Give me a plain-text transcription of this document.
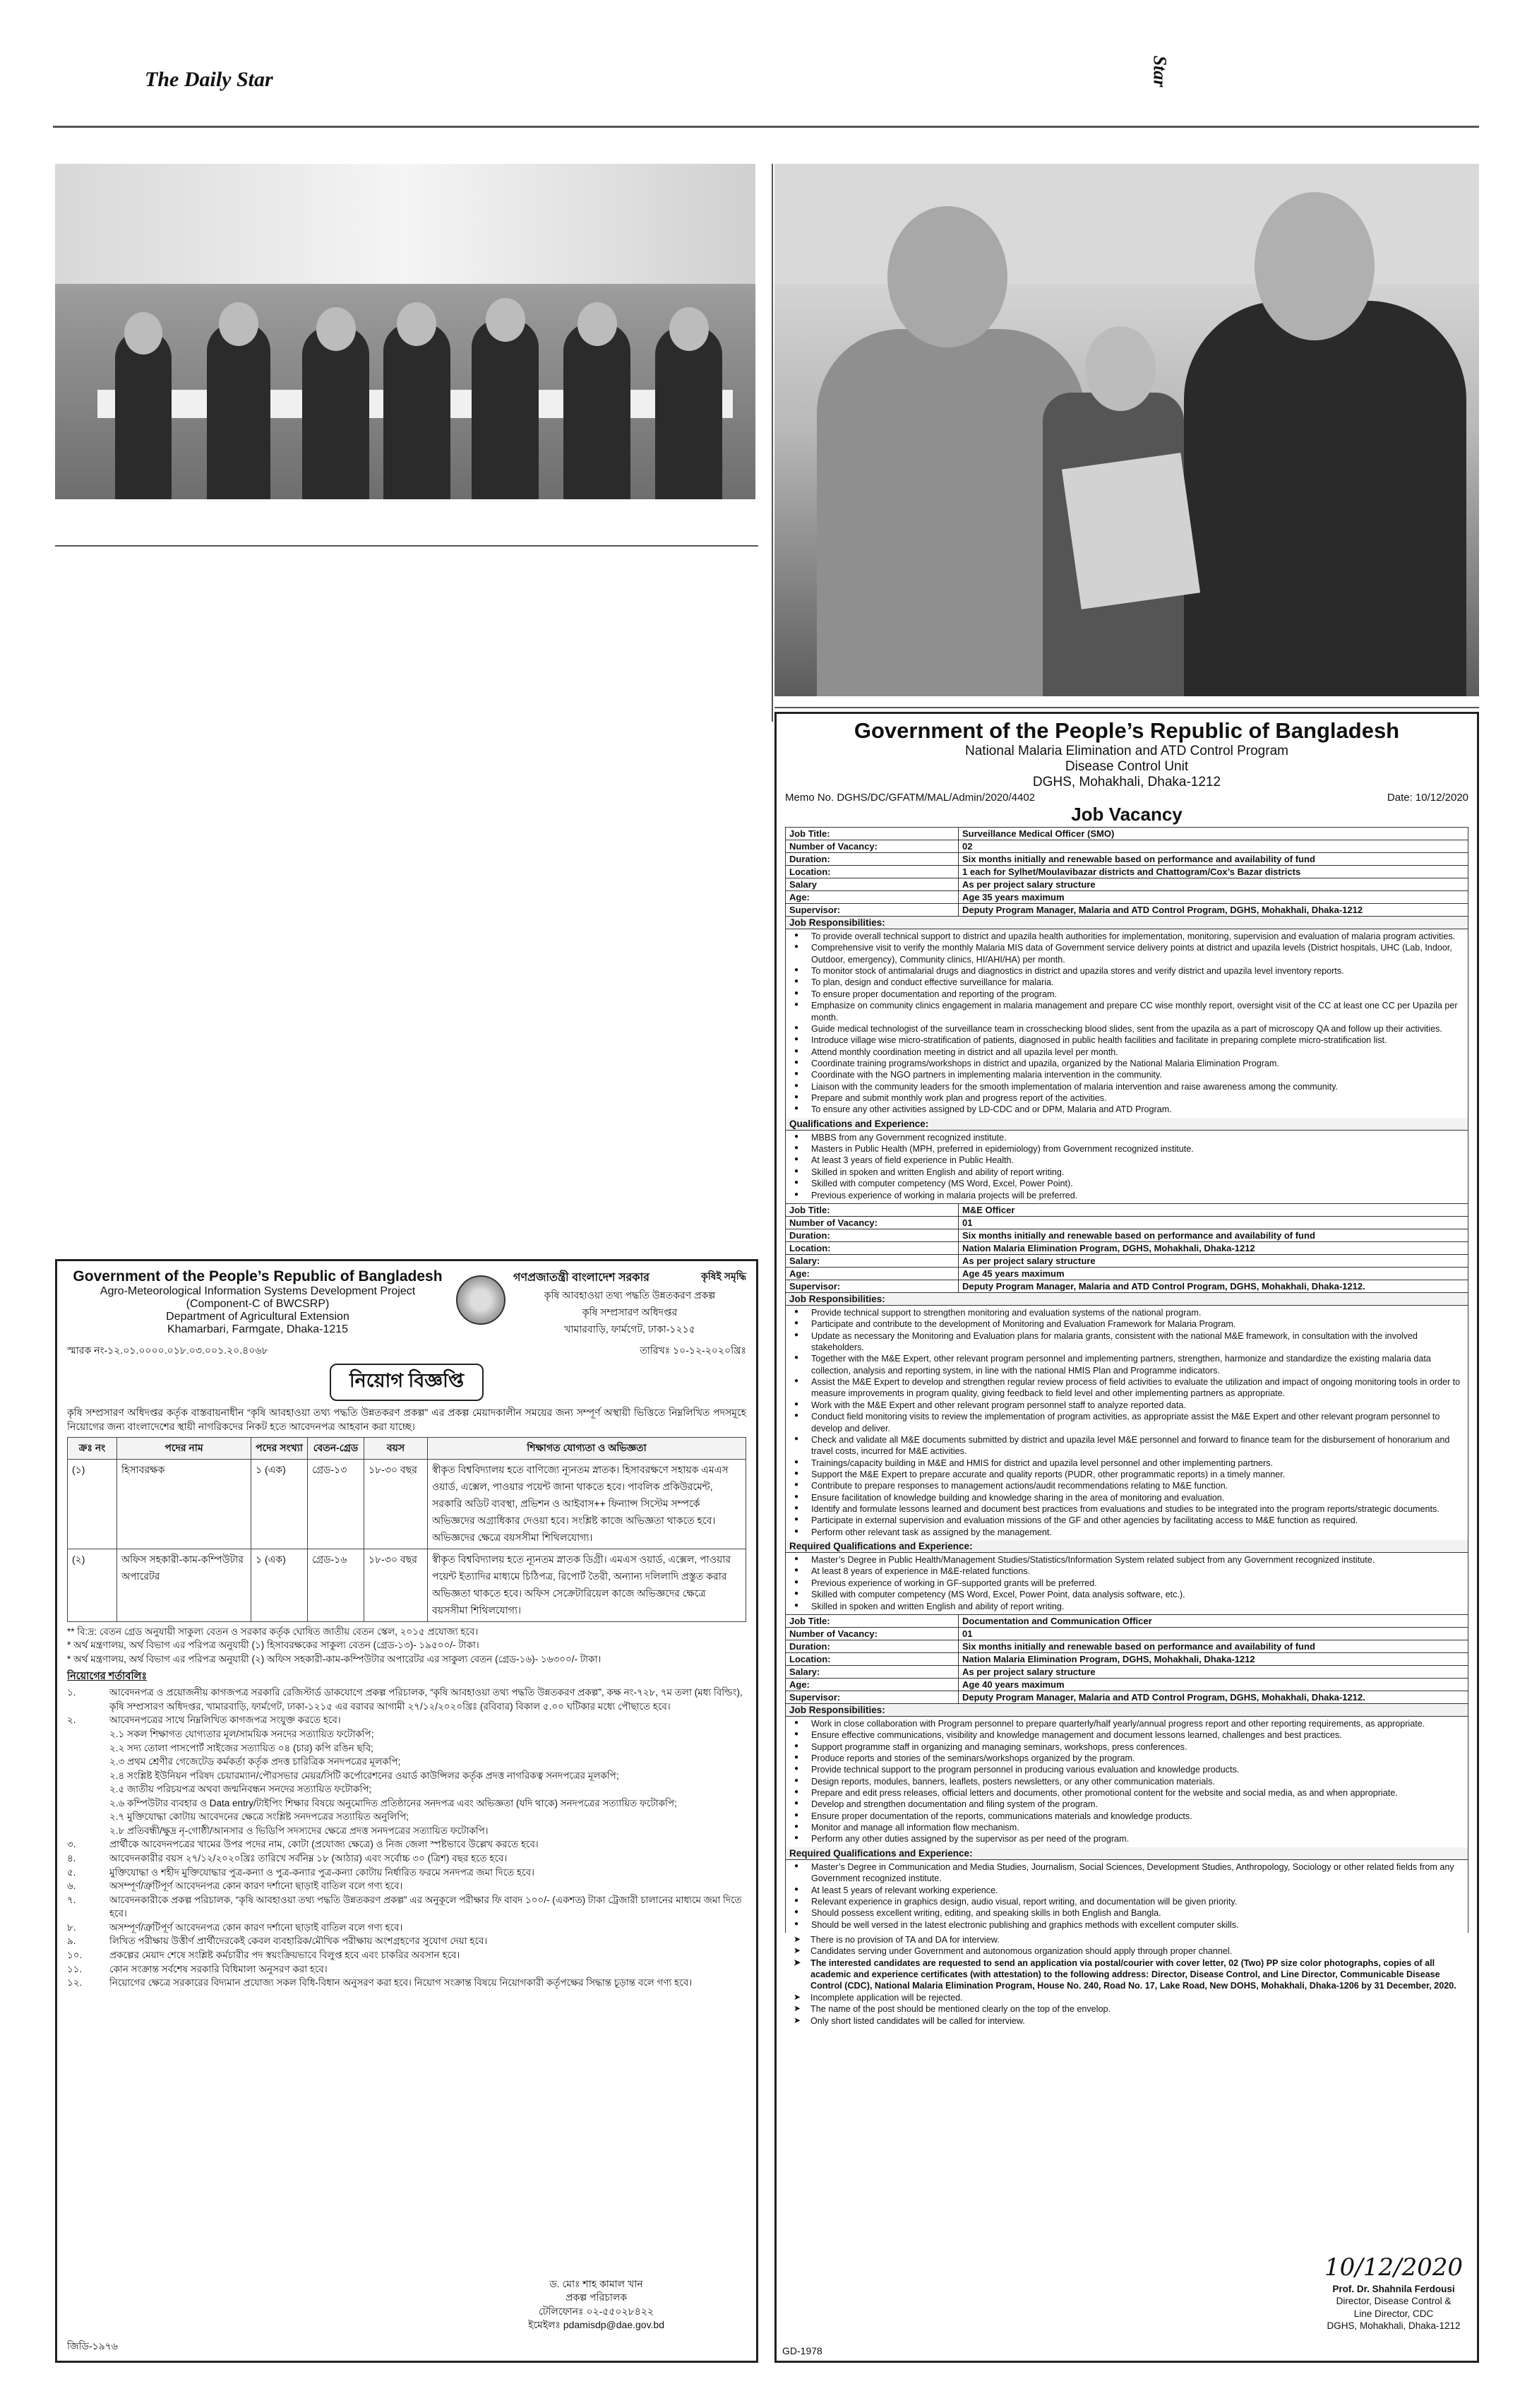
The Daily Star	Star
Government of the People’s Republic of Bangladesh
National Malaria Elimination and ATD Control Program
Disease Control Unit
DGHS, Mohakhali, Dhaka-1212
Memo No. DGHS/DC/GFATM/MAL/Admin/2020/4402	Date: 10/12/2020
Job Vacancy
Job Title:	Surveillance Medical Officer (SMO)
Number of Vacancy:	02
Duration:	Six months initially and renewable based on performance and availability of fund
Location:	1 each for Sylhet/Moulavibazar districts and Chattogram/Cox’s Bazar districts
Salary	As per project salary structure
Age:	Age 35 years maximum
Supervisor:	Deputy Program Manager, Malaria and ATD Control Program, DGHS, Mohakhali, Dhaka-1212
Job Responsibilities:
● To provide overall technical support to district and upazila health authorities for implementation, monitoring, supervision and evaluation of malaria program activities.
● Comprehensive visit to verify the monthly Malaria MIS data of Government service delivery points at district and upazila levels (District hospitals, UHC (Lab, Indoor, Outdoor, emergency), Community clinics, HI/AHI/HA) per month.
● To monitor stock of antimalarial drugs and diagnostics in district and upazila stores and verify district and upazila level inventory reports.
● To plan, design and conduct effective surveillance for malaria.
● To ensure proper documentation and reporting of the program.
● Emphasize on community clinics engagement in malaria management and prepare CC wise monthly report, oversight visit of the CC at least one CC per Upazila per month.
● Guide medical technologist of the surveillance team in crosschecking blood slides, sent from the upazila as a part of microscopy QA and follow up their activities.
● Introduce village wise micro-stratification of patients, diagnosed in public health facilities and facilitate in preparing complete micro-stratification list.
● Attend monthly coordination meeting in district and all upazila level per month.
● Coordinate training programs/workshops in district and upazila, organized by the National Malaria Elimination Program.
● Coordinate with the NGO partners in implementing malaria intervention in the community.
● Liaison with the community leaders for the smooth implementation of malaria intervention and raise awareness among the community.
● Prepare and submit monthly work plan and progress report of the activities.
● To ensure any other activities assigned by LD-CDC and or DPM, Malaria and ATD Program.
Qualifications and Experience:
● MBBS from any Government recognized institute.
● Masters in Public Health (MPH, preferred in epidemiology) from Government recognized institute.
● At least 3 years of field experience in Public Health.
● Skilled in spoken and written English and ability of report writing.
● Skilled with computer competency (MS Word, Excel, Power Point).
● Previous experience of working in malaria projects will be preferred.
Job Title:	M&E Officer
Number of Vacancy:	01
Duration:	Six months initially and renewable based on performance and availability of fund
Location:	Nation Malaria Elimination Program, DGHS, Mohakhali, Dhaka-1212
Salary:	As per project salary structure
Age:	Age 45 years maximum
Supervisor:	Deputy Program Manager, Malaria and ATD Control Program, DGHS, Mohakhali, Dhaka-1212.
Job Responsibilities:
● Provide technical support to strengthen monitoring and evaluation systems of the national program.
● Participate and contribute to the development of Monitoring and Evaluation Framework for Malaria Program.
● Update as necessary the Monitoring and Evaluation plans for malaria grants, consistent with the national M&E framework, in consultation with the involved stakeholders.
● Together with the M&E Expert, other relevant program personnel and implementing partners, strengthen, harmonize and standardize the existing malaria data collection, analysis and reporting system, in line with the national HMIS Plan and Programme indicators.
● Assist the M&E Expert to develop and strengthen regular review process of field activities to evaluate the utilization and impact of ongoing monitoring tools in order to measure improvements in program quality, giving feedback to field level and other implementing partners as appropriate.
● Work with the M&E Expert and other relevant program personnel staff to analyze reported data.
● Conduct field monitoring visits to review the implementation of program activities, as appropriate assist the M&E Expert and other relevant program personnel to develop and deliver.
● Check and validate all M&E documents submitted by district and upazila level M&E personnel and forward to finance team for the disbursement of honorarium and travel costs, incurred for M&E activities.
● Trainings/capacity building in M&E and HMIS for district and upazila level personnel and other implementing partners.
● Support the M&E Expert to prepare accurate and quality reports (PUDR, other programmatic reports) in a timely manner.
● Contribute to prepare responses to management actions/audit recommendations relating to M&E function.
● Ensure facilitation of knowledge building and knowledge sharing in the area of monitoring and evaluation.
● Identify and formulate lessons learned and document best practices from evaluations and studies to be integrated into the program reports/strategic documents.
● Participate in external supervision and evaluation missions of the GF and other agencies by facilitating access to M&E function as required.
● Perform other relevant task as assigned by the management.
Required Qualifications and Experience:
● Master’s Degree in Public Health/Management Studies/Statistics/Information System related subject from any Government recognized institute.
● At least 8 years of experience in M&E-related functions.
● Previous experience of working in GF-supported grants will be preferred.
● Skilled with computer competency (MS Word, Excel, Power Point, data analysis software, etc.).
● Skilled in spoken and written English and ability of report writing.
Job Title:	Documentation and Communication Officer
Number of Vacancy:	01
Duration:	Six months initially and renewable based on performance and availability of fund
Location:	Nation Malaria Elimination Program, DGHS, Mohakhali, Dhaka-1212
Salary:	As per project salary structure
Age:	Age 40 years maximum
Supervisor:	Deputy Program Manager, Malaria and ATD Control Program, DGHS, Mohakhali, Dhaka-1212.
Job Responsibilities:
● Work in close collaboration with Program personnel to prepare quarterly/half yearly/annual progress report and other reporting requirements, as appropriate.
● Ensure effective communications, visibility and knowledge management and document lessons learned, challenges and best practices.
● Support programme staff in organizing and managing seminars, workshops, press conferences.
● Produce reports and stories of the seminars/workshops organized by the program.
● Provide technical support to the program personnel in producing various evaluation and knowledge products.
● Design reports, modules, banners, leaflets, posters newsletters, or any other communication materials.
● Prepare and edit press releases, official letters and documents, other promotional content for the website and social media, as and when appropriate.
● Develop and strengthen documentation and filing system of the program.
● Ensure proper documentation of the reports, communications materials and knowledge products.
● Monitor and manage all information flow mechanism.
● Perform any other duties assigned by the supervisor as per need of the program.
Required Qualifications and Experience:
● Master’s Degree in Communication and Media Studies, Journalism, Social Sciences, Development Studies, Anthropology, Sociology or other related fields from any Government recognized institute.
● At least 5 years of relevant working experience.
● Relevant experience in graphics design, audio visual, report writing, and documentation will be given priority.
● Should possess excellent writing, editing, and speaking skills in both English and Bangla.
● Should be well versed in the latest electronic publishing and graphics methods with excellent computer skills.
➤ There is no provision of TA and DA for interview.
➤ Candidates serving under Government and autonomous organization should apply through proper channel.
➤ The interested candidates are requested to send an application via postal/courier with cover letter, 02 (Two) PP size color photographs, copies of all academic and experience certificates (with attestation) to the following address: Director, Disease Control, and Line Director, Communicable Disease Control (CDC), National Malaria Elimination Program, House No. 240, Road No. 17, Lake Road, New DOHS, Mohakhali, Dhaka-1206 by 31 December, 2020.
➤ Incomplete application will be rejected.
➤ The name of the post should be mentioned clearly on the top of the envelop.
➤ Only short listed candidates will be called for interview.
10/12/2020
Prof. Dr. Shahnila Ferdousi
Director, Disease Control &
Line Director, CDC
DGHS, Mohakhali, Dhaka-1212
GD-1978
Government of the People’s Republic of Bangladesh
Agro-Meteorological Information Systems Development Project
(Component-C of BWCSRP)
Department of Agricultural Extension
Khamarbari, Farmgate, Dhaka-1215
গণপ্রজাতন্ত্রী বাংলাদেশ সরকার	কৃষিই সমৃদ্ধি
কৃষি আবহাওয়া তথ্য পদ্ধতি উন্নতকরণ প্রকল্প
কৃষি সম্প্রসারণ অধিদপ্তর
খামারবাড়ি, ফার্মগেট, ঢাকা-১২১৫
স্মারক নং-১২.০১.০০০০.০১৮.০৩.০০১.২০.৪০৬৮	তারিখঃ ১০-১২-২০২০খ্রিঃ
নিয়োগ বিজ্ঞপ্তি
কৃষি সম্প্রসারণ অধিদপ্তর কর্তৃক বাস্তবায়নাধীন “কৃষি আবহাওয়া তথ্য পদ্ধতি উন্নতকরণ প্রকল্প” এর প্রকল্প মেয়াদকালীন সময়ের জন্য সম্পূর্ণ অস্থায়ী ভিত্তিতে নিম্নলিখিত পদসমূহে নিয়োগের জন্য বাংলাদেশের স্থায়ী নাগরিকদের নিকট হতে আবেদনপত্র আহবান করা যাচ্ছে।
ক্রঃ নং	পদের নাম	পদের সংখ্যা	বেতন-গ্রেড	বয়স	শিক্ষাগত যোগ্যতা ও অভিজ্ঞতা
(১)	হিসাবরক্ষক	১ (এক)	গ্রেড-১৩	১৮-৩০ বছর	স্বীকৃত বিশ্ববিদ্যালয় হতে বাণিজ্যে ন্যূনতম স্নাতক। হিসাবরক্ষণে সহায়ক এমএস ওয়ার্ড, এক্সেল, পাওয়ার পয়েন্ট জানা থাকতে হবে। পাবলিক প্রকিউরমেন্ট, সরকারি অডিট ব্যবস্থা, প্রভিশন ও আইবাস++ ফিন্যান্স সিস্টেম সম্পর্কে অভিজ্ঞদের অগ্রাধিকার দেওয়া হবে। সংশ্লিষ্ট কাজে অভিজ্ঞতা থাকতে হবে। অভিজ্ঞদের ক্ষেত্রে বয়সসীমা শিথিলযোগ্য।
(২)	অফিস সহকারী-কাম-কম্পিউটার অপারেটর	১ (এক)	গ্রেড-১৬	১৮-৩০ বছর	স্বীকৃত বিশ্ববিদ্যালয় হতে ন্যূনতম স্নাতক ডিগ্রী। এমএস ওয়ার্ড, এক্সেল, পাওয়ার পয়েন্ট ইত্যাদির মাধ্যমে চিঠিপত্র, রিপোর্ট তৈরী, অন্যান্য দলিলাদি প্রস্তুত করার অভিজ্ঞতা থাকতে হবে। অফিস সেক্রেটারিয়েল কাজে অভিজ্ঞদের ক্ষেত্রে বয়সসীমা শিথিলযোগ্য।
** বি:দ্র: বেতন গ্রেড অনুযায়ী সাকুল্য বেতন ও সরকার কর্তৃক ঘোষিত জাতীয় বেতন স্কেল, ২০১৫ প্রযোজ্য হবে।
* অর্থ মন্ত্রণালয়, অর্থ বিভাগ এর পরিপত্র অনুযায়ী (১) হিসাবরক্ষকের সাকুল্য বেতন (গ্রেড-১৩)- ১৯৫০০/- টাকা।
* অর্থ মন্ত্রণালয়, অর্থ বিভাগ এর পরিপত্র অনুযায়ী (২) অফিস সহকারী-কাম-কম্পিউটার অপারেটর এর সাকুল্য বেতন (গ্রেড-১৬)- ১৬৩০০/- টাকা।
নিয়োগের শর্তাবলিঃ
১.	আবেদনপত্র ও প্রয়োজনীয় কাগজপত্র সরকারি রেজিস্টার্ড ডাকযোগে প্রকল্প পরিচালক, “কৃষি আবহাওয়া তথ্য পদ্ধতি উন্নতকরণ প্রকল্প”, কক্ষ নং-৭২৮, ৭ম তলা (মধ্য বিল্ডিং), কৃষি সম্প্রসারণ অধিদপ্তর, খামারবাড়ি, ফার্মগেট, ঢাকা-১২১৫ এর বরাবর আগামী ২৭/১২/২০২০খ্রিঃ (রবিবার) বিকাল ৫.০০ ঘটিকার মধ্যে পৌছাতে হবে।
২.	আবেদনপত্রের সাথে নিম্নলিখিত কাগজপত্র সংযুক্ত করতে হবে।
২.১ সকল শিক্ষাগত যোগ্যতার মূল/সাময়িক সনদের সত্যায়িত ফটোকপি;
২.২ সদ্য তোলা পাসপোর্ট সাইজের সত্যায়িত ০৪ (চার) কপি রঙিন ছবি;
২.৩ প্রথম শ্রেণীর গেজেটেড কর্মকর্তা কর্তৃক প্রদত্ত চারিত্রিক সনদপত্রের মূলকপি;
২.৪ সংশ্লিষ্ট ইউনিয়ন পরিষদ চেয়ারম্যান/পৌরসভার মেয়র/সিটি কর্পোরেশনের ওয়ার্ড কাউন্সিলর কর্তৃক প্রদত্ত নাগরিকত্ব সনদপত্রের মূলকপি;
২.৫ জাতীয় পরিচয়পত্র অথবা জন্মনিবন্ধন সনদের সত্যায়িত ফটোকপি;
২.৬ কম্পিউটার ব্যবহার ও Data entry/টাইপিং শিক্ষার বিষয়ে অনুমোদিত প্রতিষ্ঠানের সনদপত্র এবং অভিজ্ঞতা (যদি থাকে) সনদপত্রের সত্যায়িত ফটোকপি;
২.৭ মুক্তিযোদ্ধা কোটায় আবেদনের ক্ষেত্রে সংশ্লিষ্ট সনদপত্রের সত্যায়িত অনুলিপি;
২.৮ প্রতিবন্ধী/ক্ষুদ্র নৃ-গোষ্ঠী/আনসার ও ভিডিপি সদস্যদের ক্ষেত্রে প্রদত্ত সনদপত্রের সত্যায়িত ফটোকপি।
৩.	প্রার্থীকে আবেদনপত্রের খামের উপর পদের নাম, কোটা (প্রযোজ্য ক্ষেত্রে) ও নিজ জেলা স্পষ্টভাবে উল্লেখ করতে হবে।
৪.	আবেদনকারীর বয়স ২৭/১২/২০২০খ্রিঃ তারিখে সর্বনিম্ন ১৮ (আঠার) এবং সর্বোচ্চ ৩০ (ত্রিশ) বছর হতে হবে।
৫.	মুক্তিযোদ্ধা ও শহীদ মুক্তিযোদ্ধার পুত্র-কন্যা ও পুত্র-কন্যার পুত্র-কন্যা কোটায় নির্ধারিত ফরমে সনদপত্র জমা দিতে হবে।
৬.	অসম্পূর্ণ/ত্রুটিপূর্ণ আবেদনপত্র কোন কারণ দর্শানো ছাড়াই বাতিল বলে গণ্য হবে।
৭.	আবেদনকারীকে প্রকল্প পরিচালক, “কৃষি আবহাওয়া তথ্য পদ্ধতি উন্নতকরণ প্রকল্প” এর অনুকূলে পরীক্ষার ফি বাবদ ১০০/- (একশত) টাকা ট্রেজারী চালানের মাধ্যমে জমা দিতে হবে।
৮.	অসম্পূর্ণ/ত্রুটিপূর্ণ আবেদনপত্র কোন কারণ দর্শানো ছাড়াই বাতিল বলে গণ্য হবে।
৯.	লিখিত পরীক্ষায় উত্তীর্ণ প্রার্থীদেরকেই কেবল ব্যবহারিক/মৌখিক পরীক্ষায় অংশগ্রহণের সুযোগ দেয়া হবে।
১০.	প্রকল্পের মেয়াদ শেষে সংশ্লিষ্ট কর্মচারীর পদ স্বয়ংক্রিয়ভাবে বিলুপ্ত হবে এবং চাকরির অবসান হবে।
১১.	কোন সংক্রান্ত সর্বশেষ সরকারি বিধিমালা অনুসরণ করা হবে।
১২.	নিয়োগের ক্ষেত্রে সরকারের বিদ্যমান প্রযোজ্য সকল বিধি-বিধান অনুসরণ করা হবে। নিয়োগ সংক্রান্ত বিষয়ে নিয়োগকারী কর্তৃপক্ষের সিদ্ধান্ত চূড়ান্ত বলে গণ্য হবে।
ড. মোঃ শাহ কামাল খান
প্রকল্প পরিচালক
টেলিফোনঃ ০২-৫৫০২৮৪২২
ইমেইলঃ pdamisdp@dae.gov.bd
জিডি-১৯৭৬
